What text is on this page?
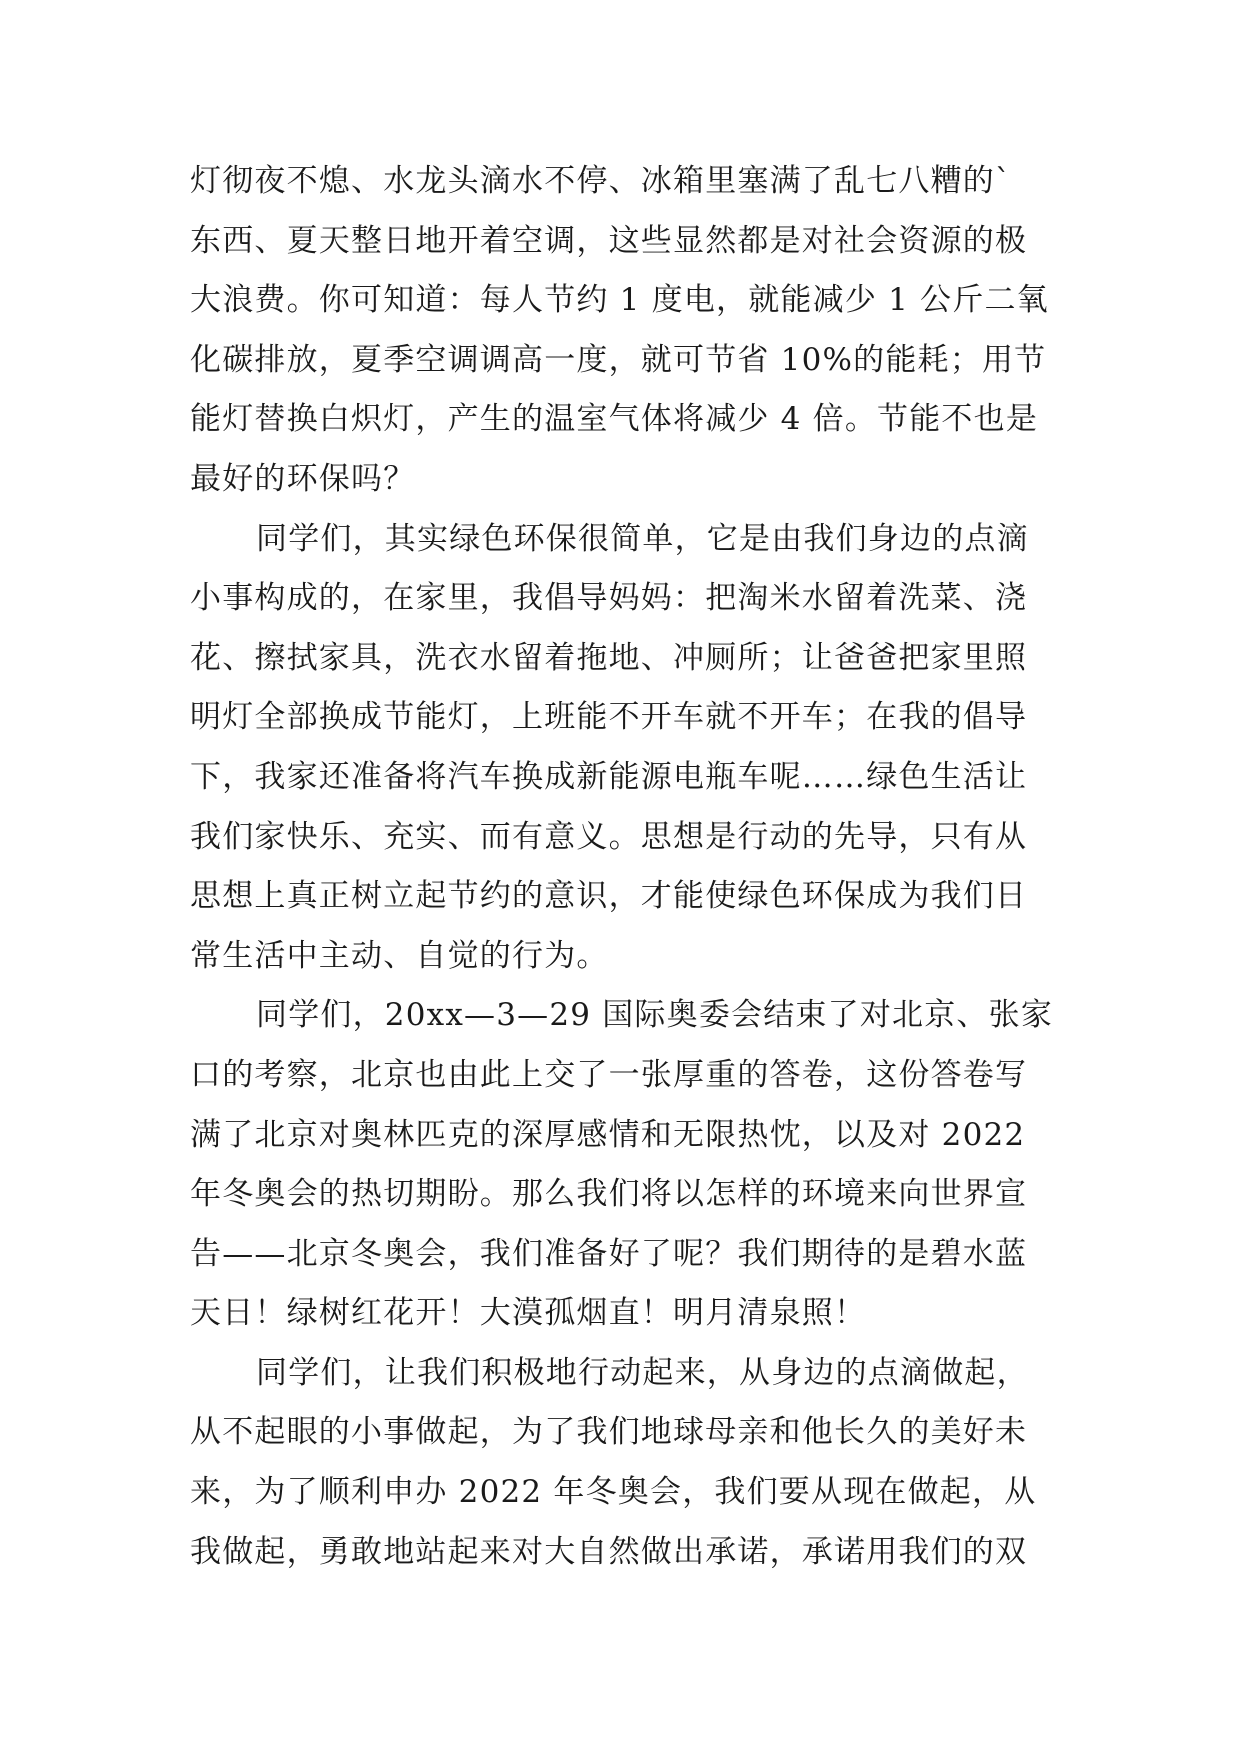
灯彻夜不熄、水龙头滴水不停、冰箱里塞满了乱七八糟的`
东西、夏天整日地开着空调，这些显然都是对社会资源的极
大浪费。你可知道：每人节约 1 度电，就能减少 1 公斤二氧
化碳排放，夏季空调调高一度，就可节省 10%的能耗；用节
能灯替换白炽灯，产生的温室气体将减少 4 倍。节能不也是
最好的环保吗？
同学们，其实绿色环保很简单，它是由我们身边的点滴
小事构成的，在家里，我倡导妈妈：把淘米水留着洗菜、浇
花、擦拭家具，洗衣水留着拖地、冲厕所；让爸爸把家里照
明灯全部换成节能灯，上班能不开车就不开车；在我的倡导
下，我家还准备将汽车换成新能源电瓶车呢……绿色生活让
我们家快乐、充实、而有意义。思想是行动的先导，只有从
思想上真正树立起节约的意识，才能使绿色环保成为我们日
常生活中主动、自觉的行为。
同学们，20xx—3—29 国际奥委会结束了对北京、张家
口的考察，北京也由此上交了一张厚重的答卷，这份答卷写
满了北京对奥林匹克的深厚感情和无限热忱，以及对 2022
年冬奥会的热切期盼。那么我们将以怎样的环境来向世界宣
告——北京冬奥会，我们准备好了呢？我们期待的是碧水蓝
天日！绿树红花开！大漠孤烟直！明月清泉照！
同学们，让我们积极地行动起来，从身边的点滴做起，
从不起眼的小事做起，为了我们地球母亲和他长久的美好未
来，为了顺利申办 2022 年冬奥会，我们要从现在做起，从
我做起，勇敢地站起来对大自然做出承诺，承诺用我们的双
